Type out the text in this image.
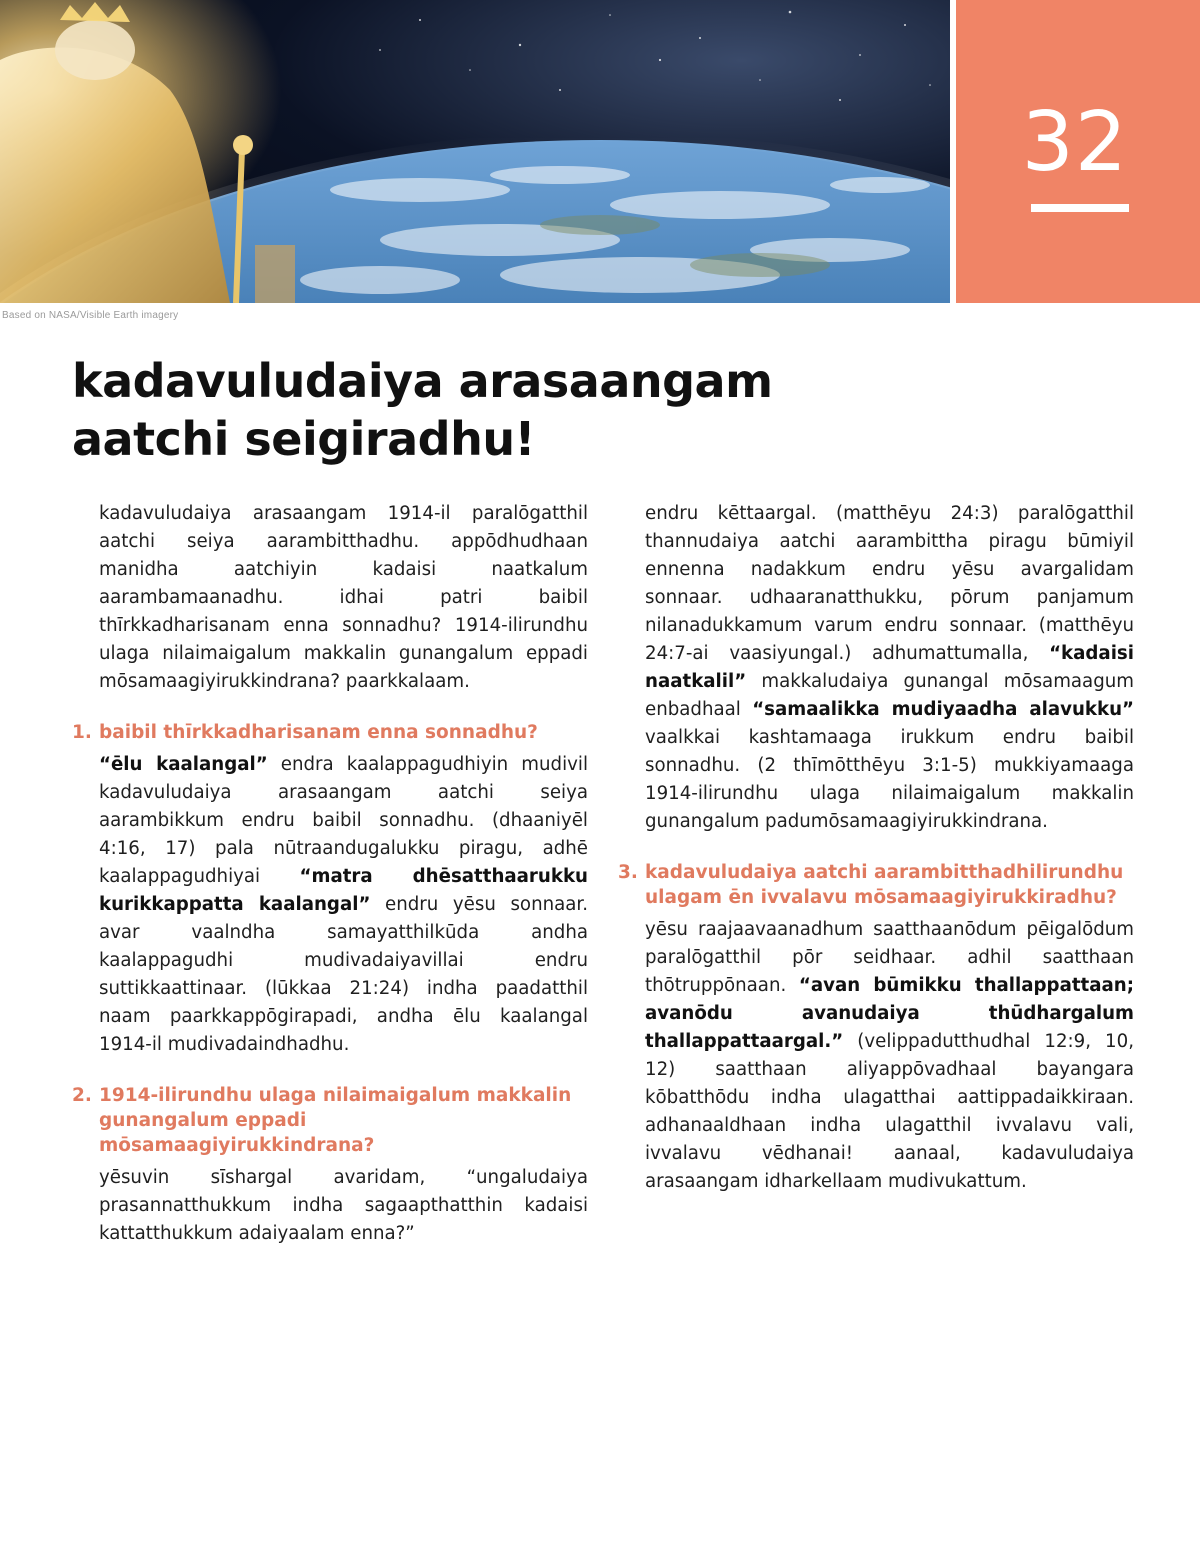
32
Based on NASA/Visible Earth imagery
kadavuludaiya arasaangam
aatchi seigiradhu!

kadavuludaiya arasaangam 1914-il paralōgatthil aatchi seiya aarambitthadhu. appōdhudhaan manidha aatchiyin kadaisi naatkalum aarambamaanadhu. idhai patri baibil thīrkkadharisanam enna sonnadhu? 1914-ilirundhu ulaga nilaimaigalum makkalin gunangalum eppadi mōsamaagiyirukkindrana? paarkkalaam.

1. baibil thīrkkadharisanam enna sonnadhu?

“ēlu kaalangal” endra kaalappagudhiyin mudivil kadavuludaiya arasaangam aatchi seiya aarambikkum endru baibil sonnadhu. (dhaaniyēl 4:16, 17) pala nūtraandugalukku piragu, adhē kaalappagudhiyai “matra dhēsatthaarukku kurikkappatta kaalangal” endru yēsu sonnaar. avar vaalndha samayatthilkūda andha kaalappagudhi mudivadaiyavillai endru suttikkaattinaar. (lūkkaa 21:24) indha paadatthil naam paarkkappōgirapadi, andha ēlu kaalangal 1914-il mudivadaindhadhu.

2. 1914-ilirundhu ulaga nilaimaigalum makkalin gunangalum eppadi mōsamaagiyirukkindrana?

yēsuvin sīshargal avaridam, “ungaludaiya prasannatthukkum indha sagaapthatthin kadaisi kattatthukkum adaiyaalam enna?”

endru kēttaargal. (matthēyu 24:3) paralōgatthil thannudaiya aatchi aarambittha piragu būmiyil ennenna nadakkum endru yēsu avargalidam sonnaar. udhaaranatthukku, pōrum panjamum nilanadukkamum varum endru sonnaar. (matthēyu 24:7-ai vaasiyungal.) adhumattumalla, “kadaisi naatkalil” makkaludaiya gunangal mōsamaagum enbadhaal “samaalikka mudiyaadha alavukku” vaalkkai kashtamaaga irukkum endru baibil sonnadhu. (2 thīmōtthēyu 3:1-5) mukkiyamaaga 1914-ilirundhu ulaga nilaimaigalum makkalin gunangalum padumōsamaagiyirukkindrana.

3. kadavuludaiya aatchi aarambitthadhilirundhu ulagam ēn ivvalavu mōsamaagiyirukkiradhu?

yēsu raajaavaanadhum saatthaanōdum pēigalōdum paralōgatthil pōr seidhaar. adhil saatthaan thōtruppōnaan. “avan būmikku thallappattaan; avanōdu avanudaiya thūdhargalum thallappattaargal.” (velippadutthudhal 12:9, 10, 12) saatthaan aliyappōvadhaal bayangara kōbatthōdu indha ulagatthai aattippadaikkiraan. adhanaaldhaan indha ulagatthil ivvalavu vali, ivvalavu vēdhanai! aanaal, kadavuludaiya arasaangam idharkellaam mudivukattum.
